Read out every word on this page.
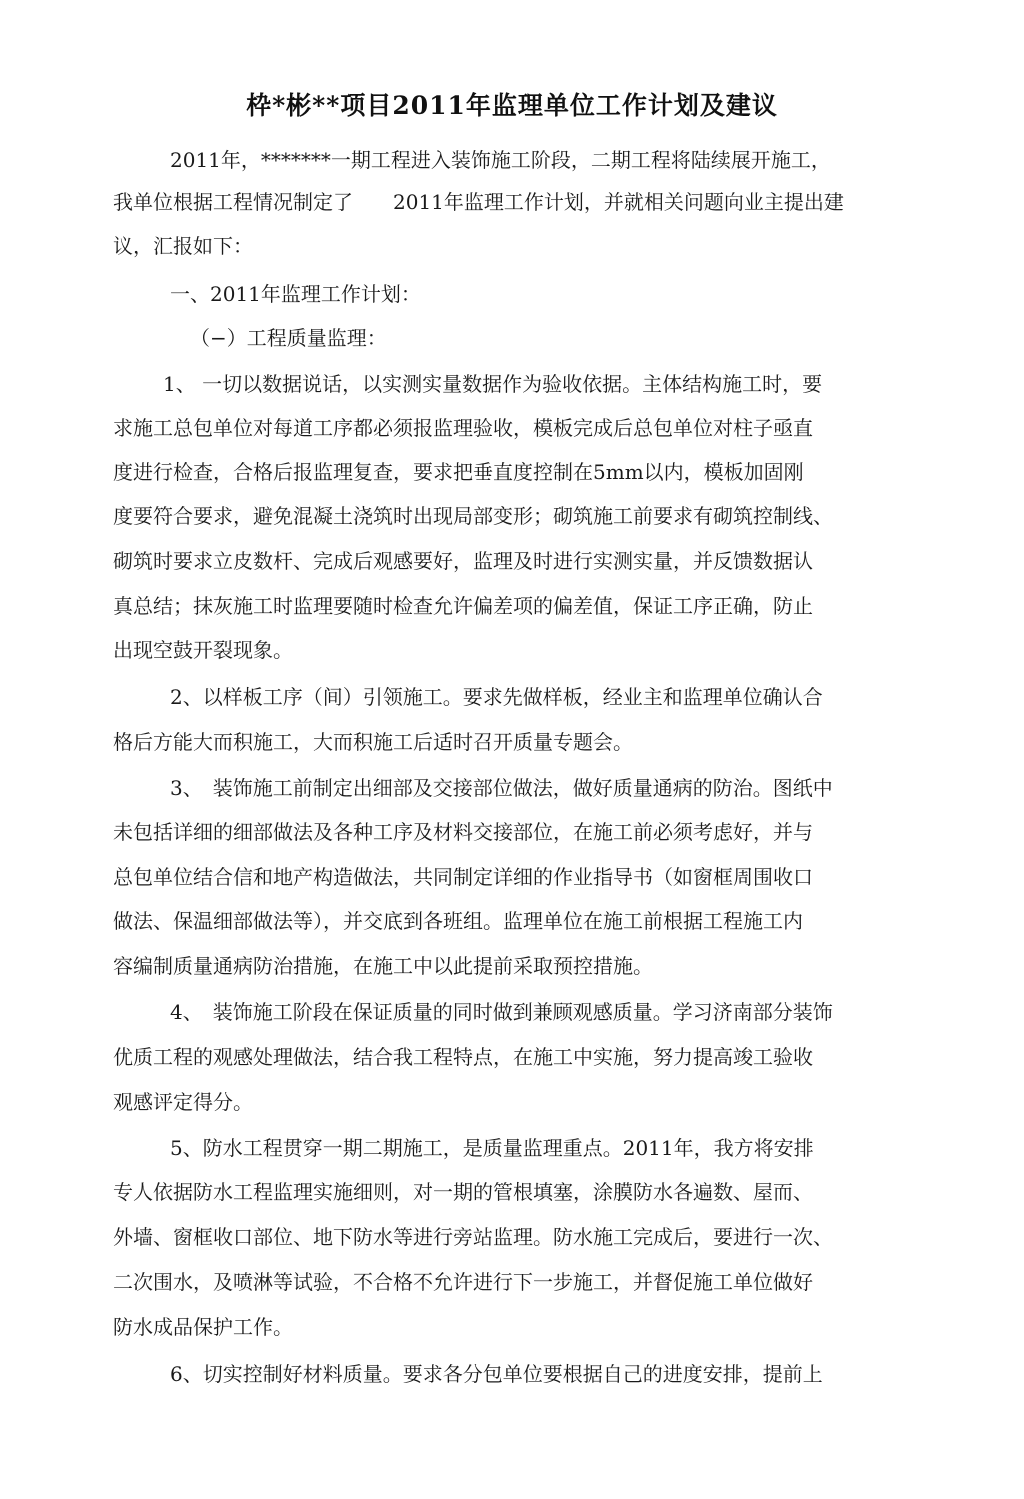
枠*彬**项目2011年监理单位工作计划及建议
2011年，*******一期工程进入装饰施工阶段，二期工程将陆续展开施工，
我单位根据工程情况制定了　　2011年监理工作计划，并就相关问题向业主提出建
议，汇报如下：
一、2011年监理工作计划：
（−）工程质量监理：
1、 一切以数据说话，以实测实量数据作为验收依据。主体结构施工时，要
求施工总包单位对每道工序都必须报监理验收，模板完成后总包单位对柱子亟直
度进行检查，合格后报监理复查，要求把垂直度控制在5mm以内，模板加固刚
度要符合要求，避免混凝土浇筑时出现局部变形；砌筑施工前要求有砌筑控制线、
砌筑时要求立皮数杆、完成后观感要好，监理及时进行实测实量，并反馈数据认
真总结；抹灰施工时监理要随时检查允许偏差项的偏差值，保证工序正确，防止
出现空鼓开裂现象。
2、以样板工序（间）引领施工。要求先做样板，经业主和监理单位确认合
格后方能大而积施工，大而积施工后适时召开质量专题会。
3、　装饰施工前制定出细部及交接部位做法，做好质量通病的防治。图纸中
未包括详细的细部做法及各种工序及材料交接部位，在施工前必须考虑好，并与
总包单位结合信和地产构造做法，共同制定详细的作业指导书（如窗框周围收口
做法、保温细部做法等），并交底到各班组。监理单位在施工前根据工程施工内
容编制质量通病防治措施，在施工中以此提前采取预控措施。
4、　装饰施工阶段在保证质量的同时做到兼顾观感质量。学习济南部分装饰
优质工程的观感处理做法，结合我工程特点，在施工中实施，努力提高竣工验收
观感评定得分。
5、防水工程贯穿一期二期施工，是质量监理重点。2011年，我方将安排
专人依据防水工程监理实施细则，对一期的管根填塞，涂膜防水各遍数、屋而、
外墙、窗框收口部位、地下防水等进行旁站监理。防水施工完成后，要进行一次、
二次围水，及喷淋等试验，不合格不允许进行下一步施工，并督促施工单位做好
防水成品保护工作。
6、切实控制好材料质量。要求各分包单位要根据自己的进度安排，提前上
